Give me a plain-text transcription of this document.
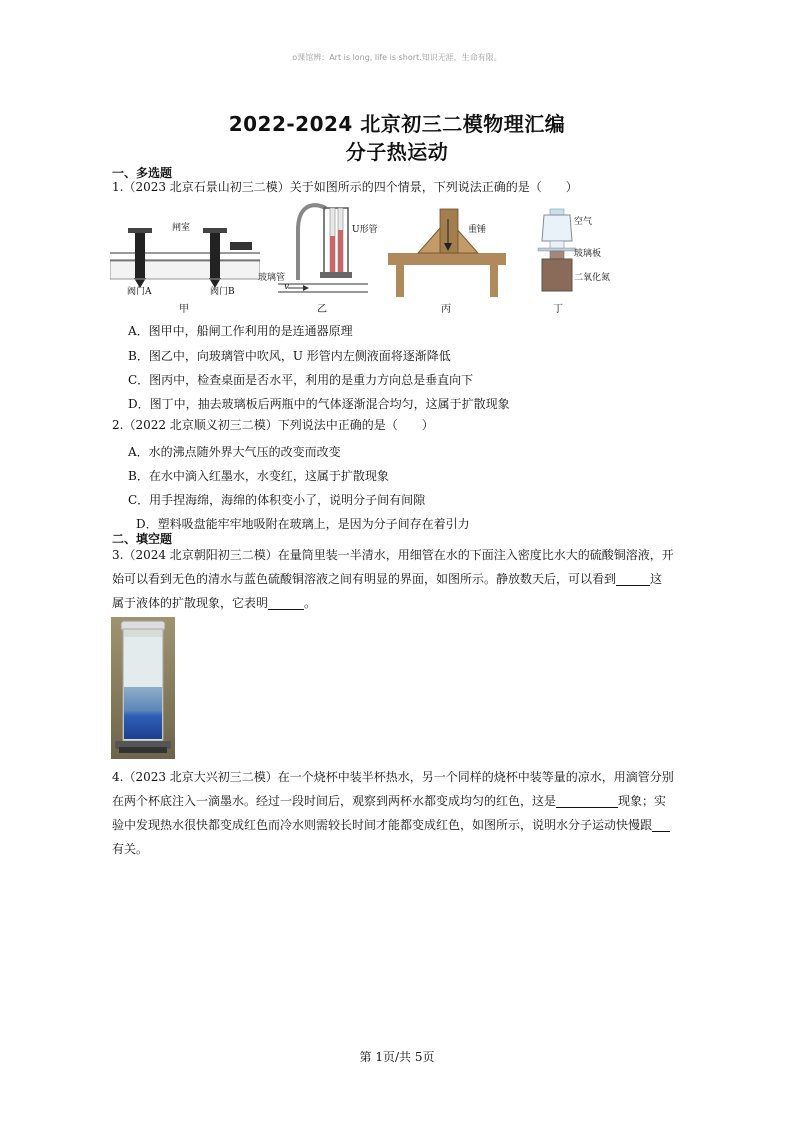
o课馆辨：Art is long, life is short.知识无涯，生命有限。
2022-2024 北京初三二模物理汇编
分子热运动
一、多选题
1.（2023 北京石景山初三二模）关于如图所示的四个情景，下列说法正确的是（　　）
闸室
阀门A	阀门B
甲
U形管
玻璃管
v
乙
重锤
丙
空气
玻璃板
二氧化氮
丁
A．图甲中，船闸工作利用的是连通器原理
B．图乙中，向玻璃管中吹风，U 形管内左侧液面将逐渐降低
C．图丙中，检查桌面是否水平，利用的是重力方向总是垂直向下
D．图丁中，抽去玻璃板后两瓶中的气体逐渐混合均匀，这属于扩散现象
2.（2022 北京顺义初三二模）下列说法中正确的是（　　）
A．水的沸点随外界大气压的改变而改变
B．在水中滴入红墨水，水变红，这属于扩散现象
C．用手捏海绵，海绵的体积变小了，说明分子间有间隙
D．塑料吸盘能牢牢地吸附在玻璃上，是因为分子间存在着引力
二、填空题
3.（2024 北京朝阳初三二模）在量筒里装一半清水，用细管在水的下面注入密度比水大的硫酸铜溶液，开
始可以看到无色的清水与蓝色硫酸铜溶液之间有明显的界面，如图所示。静放数天后，可以看到	这
属于液体的扩散现象，它表明	。
4.（2023 北京大兴初三二模）在一个烧杯中装半杯热水，另一个同样的烧杯中装等量的凉水，用滴管分别
在两个杯底注入一滴墨水。经过一段时间后，观察到两杯水都变成均匀的红色，这是	现象；实
验中发现热水很快都变成红色而冷水则需较长时间才能都变成红色，如图所示，说明水分子运动快慢跟
有关。
第 1页/共 5页
